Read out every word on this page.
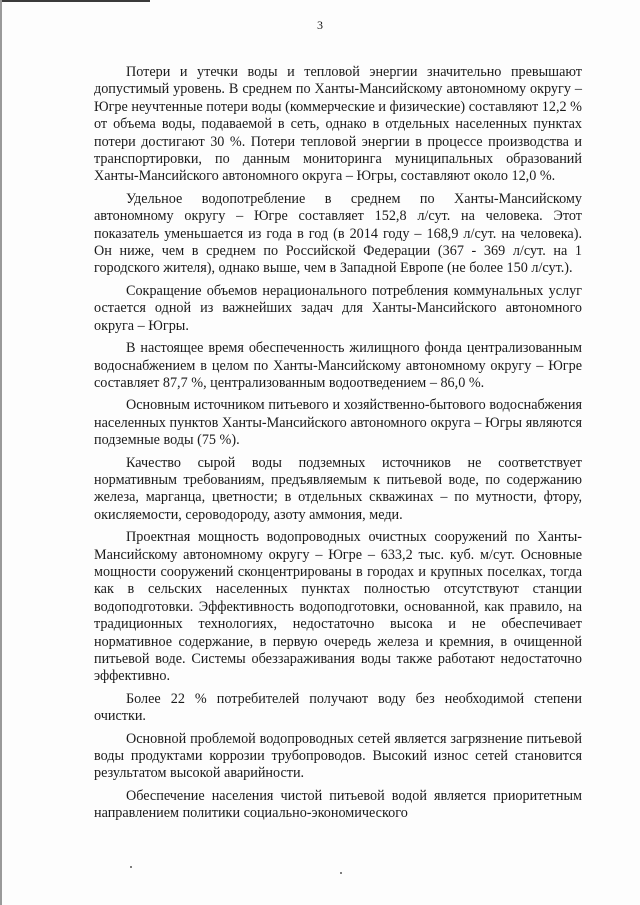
3

Потери и утечки воды и тепловой энергии значительно превышают допустимый уровень. В среднем по Ханты-Мансийскому автономному округу – Югре неучтенные потери воды (коммерческие и физические) составляют 12,2 % от объема воды, подаваемой в сеть, однако в отдельных населенных пунктах потери достигают 30 %. Потери тепловой энергии в процессе производства и транспортировки, по данным мониторинга муниципальных образований Ханты-Мансийского автономного округа – Югры, составляют около 12,0 %.

Удельное водопотребление в среднем по Ханты-Мансийскому автономному округу – Югре составляет 152,8 л/сут. на человека. Этот показатель уменьшается из года в год (в 2014 году – 168,9 л/сут. на человека). Он ниже, чем в среднем по Российской Федерации (367 - 369 л/сут. на 1 городского жителя), однако выше, чем в Западной Европе (не более 150 л/сут.).

Сокращение объемов нерационального потребления коммунальных услуг остается одной из важнейших задач для Ханты-Мансийского автономного округа – Югры.

В настоящее время обеспеченность жилищного фонда централизованным водоснабжением в целом по Ханты-Мансийскому автономному округу – Югре составляет 87,7 %, централизованным водоотведением – 86,0 %.

Основным источником питьевого и хозяйственно-бытового водоснабжения населенных пунктов Ханты-Мансийского автономного округа – Югры являются подземные воды (75 %).

Качество сырой воды подземных источников не соответствует нормативным требованиям, предъявляемым к питьевой воде, по содержанию железа, марганца, цветности; в отдельных скважинах – по мутности, фтору, окисляемости, сероводороду, азоту аммония, меди.

Проектная мощность водопроводных очистных сооружений по Ханты-Мансийскому автономному округу – Югре – 633,2 тыс. куб. м/сут. Основные мощности сооружений сконцентрированы в городах и крупных поселках, тогда как в сельских населенных пунктах полностью отсутствуют станции водоподготовки. Эффективность водоподготовки, основанной, как правило, на традиционных технологиях, недостаточно высока и не обеспечивает нормативное содержание, в первую очередь железа и кремния, в очищенной питьевой воде. Системы обеззараживания воды также работают недостаточно эффективно.

Более 22 % потребителей получают воду без необходимой степени очистки.

Основной проблемой водопроводных сетей является загрязнение питьевой воды продуктами коррозии трубопроводов. Высокий износ сетей становится результатом высокой аварийности.

Обеспечение населения чистой питьевой водой является приоритетным направлением политики социально-экономического
